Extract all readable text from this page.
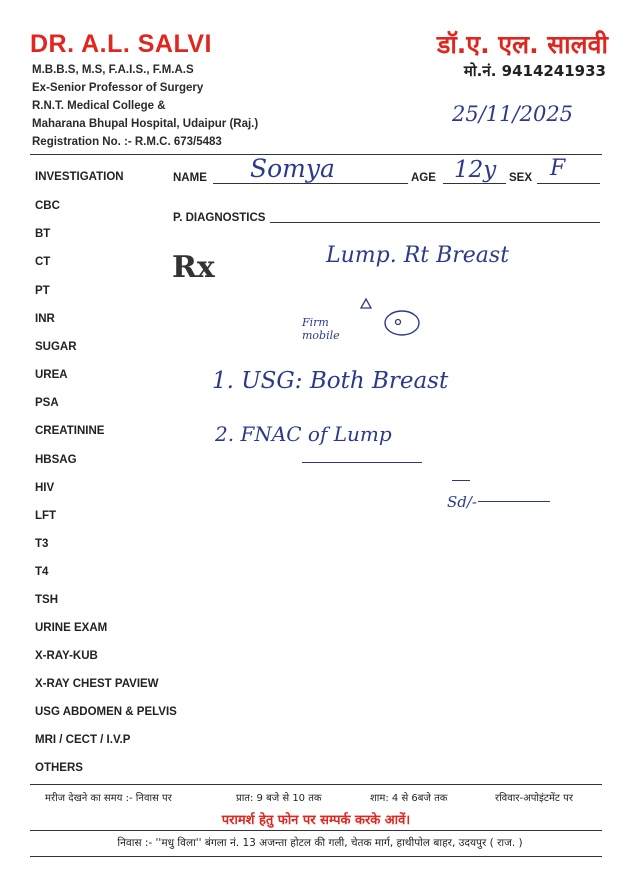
DR. A.L. SALVI	डॉ.ए. एल. सालवी
मो.नं. 9414241933
M.B.B.S, M.S, F.A.I.S., F.M.A.S
Ex-Senior Professor of Surgery
R.N.T. Medical College &
Maharana Bhupal Hospital, Udaipur (Raj.)
Registration No. :- R.M.C. 673/5483
25/11/2025
NAME Somya	AGE 12y SEX F
P. DIAGNOSTICS
Rx
INVESTIGATION
CBC
BT
CT
PT
INR
SUGAR
UREA
PSA
CREATININE
HBSAG
HIV
LFT
T3
T4
TSH
URINE EXAM
X-RAY-KUB
X-RAY CHEST PAVIEW
USG ABDOMEN & PELVIS
MRI / CECT / I.V.P
OTHERS
Lump. Rt Breast
Firm mobile
1. USG: Both Breast
2. FNAC of Lump
Sd/-
मरीज देखने का समय :- निवास पर	प्रात: 9 बजे से 10 तक	शाम: 4 से 6बजे तक	रविवार-अपोइंटमेंट पर
परामर्श हेतु फोन पर सम्पर्क करके आवें।
निवास :- ''मधु विला'' बंगला नं. 13 अजन्ता होटल की गली, चेतक मार्ग, हाथीपोल बाहर, उदयपुर ( राज. )
